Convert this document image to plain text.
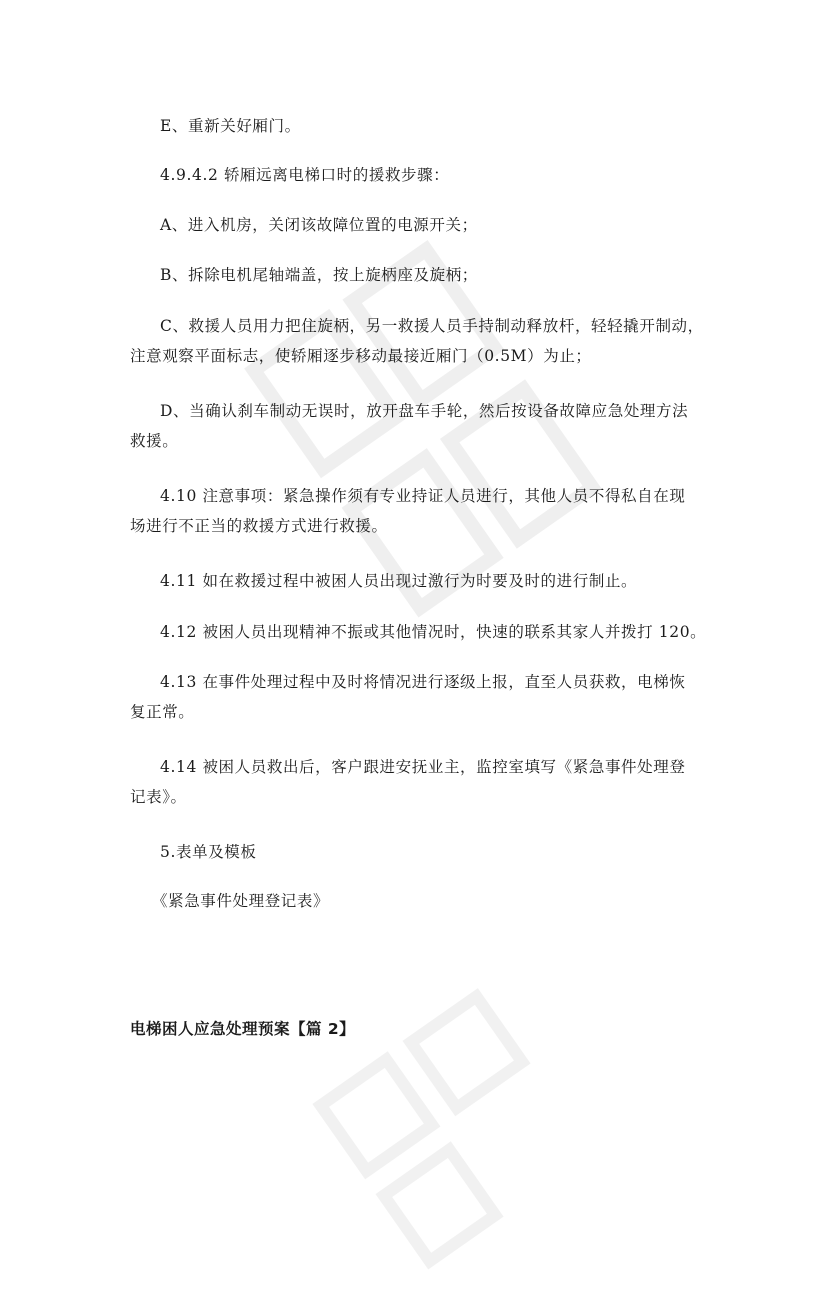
E、重新关好厢门。

4.9.4.2 轿厢远离电梯口时的援救步骤：

A、进入机房，关闭该故障位置的电源开关；

B、拆除电机尾轴端盖，按上旋柄座及旋柄；

C、救援人员用力把住旋柄，另一救援人员手持制动释放杆，轻轻撬开制动，
注意观察平面标志，使轿厢逐步移动最接近厢门（0.5M）为止；
D、当确认刹车制动无误时，放开盘车手轮，然后按设备故障应急处理方法
救援。
4.10 注意事项：紧急操作须有专业持证人员进行，其他人员不得私自在现
场进行不正当的救援方式进行救援。

4.11 如在救援过程中被困人员出现过激行为时要及时的进行制止。

4.12 被困人员出现精神不振或其他情况时，快速的联系其家人并拨打 120。

4.13 在事件处理过程中及时将情况进行逐级上报，直至人员获救，电梯恢
复正常。
4.14 被困人员救出后，客户跟进安抚业主，监控室填写《紧急事件处理登
记表》。

5.表单及模板

《紧急事件处理登记表》

电梯困人应急处理预案【篇 2】
